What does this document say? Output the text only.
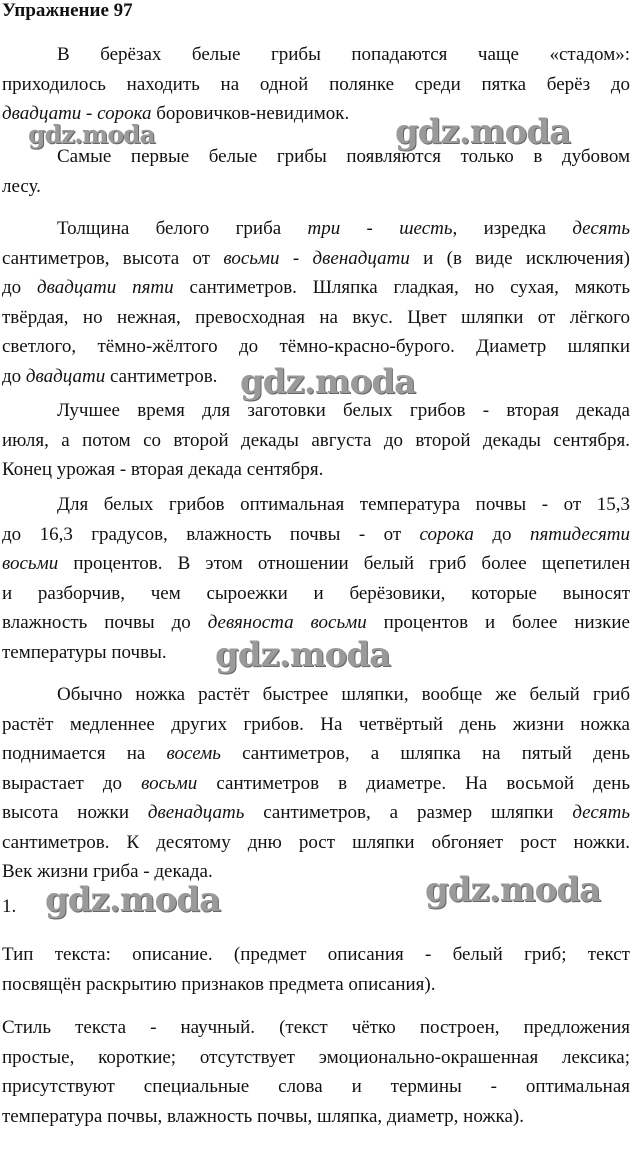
Упражнение 97
В берёзах белые грибы попадаются чаще «стадом»:
приходилось находить на одной полянке среди пятка берёз до
двадцати - сорока боровичков-невидимок.
Самые первые белые грибы появляются только в дубовом
лесу.
Толщина белого гриба три - шесть, изредка десять
сантиметров, высота от восьми - двенадцати и (в виде исключения)
до двадцати пяти сантиметров. Шляпка гладкая, но сухая, мякоть
твёрдая, но нежная, превосходная на вкус. Цвет шляпки от лёгкого
светлого, тёмно-жёлтого до тёмно-красно-бурого. Диаметр шляпки
до двадцати сантиметров.
Лучшее время для заготовки белых грибов - вторая декада
июля, а потом со второй декады августа до второй декады сентября.
Конец урожая - вторая декада сентября.
Для белых грибов оптимальная температура почвы - от 15,3
до 16,3 градусов, влажность почвы - от сорока до пятидесяти
восьми процентов. В этом отношении белый гриб более щепетилен
и разборчив, чем сыроежки и берёзовики, которые выносят
влажность почвы до девяноста восьми процентов и более низкие
температуры почвы.
Обычно ножка растёт быстрее шляпки, вообще же белый гриб
растёт медленнее других грибов. На четвёртый день жизни ножка
поднимается на восемь сантиметров, а шляпка на пятый день
вырастает до восьми сантиметров в диаметре. На восьмой день
высота ножки двенадцать сантиметров, а размер шляпки десять
сантиметров. К десятому дню рост шляпки обгоняет рост ножки.
Век жизни гриба - декада.
1.
Тип текста: описание. (предмет описания - белый гриб; текст
посвящён раскрытию признаков предмета описания).
Стиль текста - научный. (текст чётко построен, предложения
простые, короткие; отсутствует эмоционально-окрашенная лексика;
присутствуют специальные слова и термины - оптимальная
температура почвы, влажность почвы, шляпка, диаметр, ножка).
gdz.moda	gdz.moda
gdz.moda
gdz.moda
gdz.moda
gdz.moda
